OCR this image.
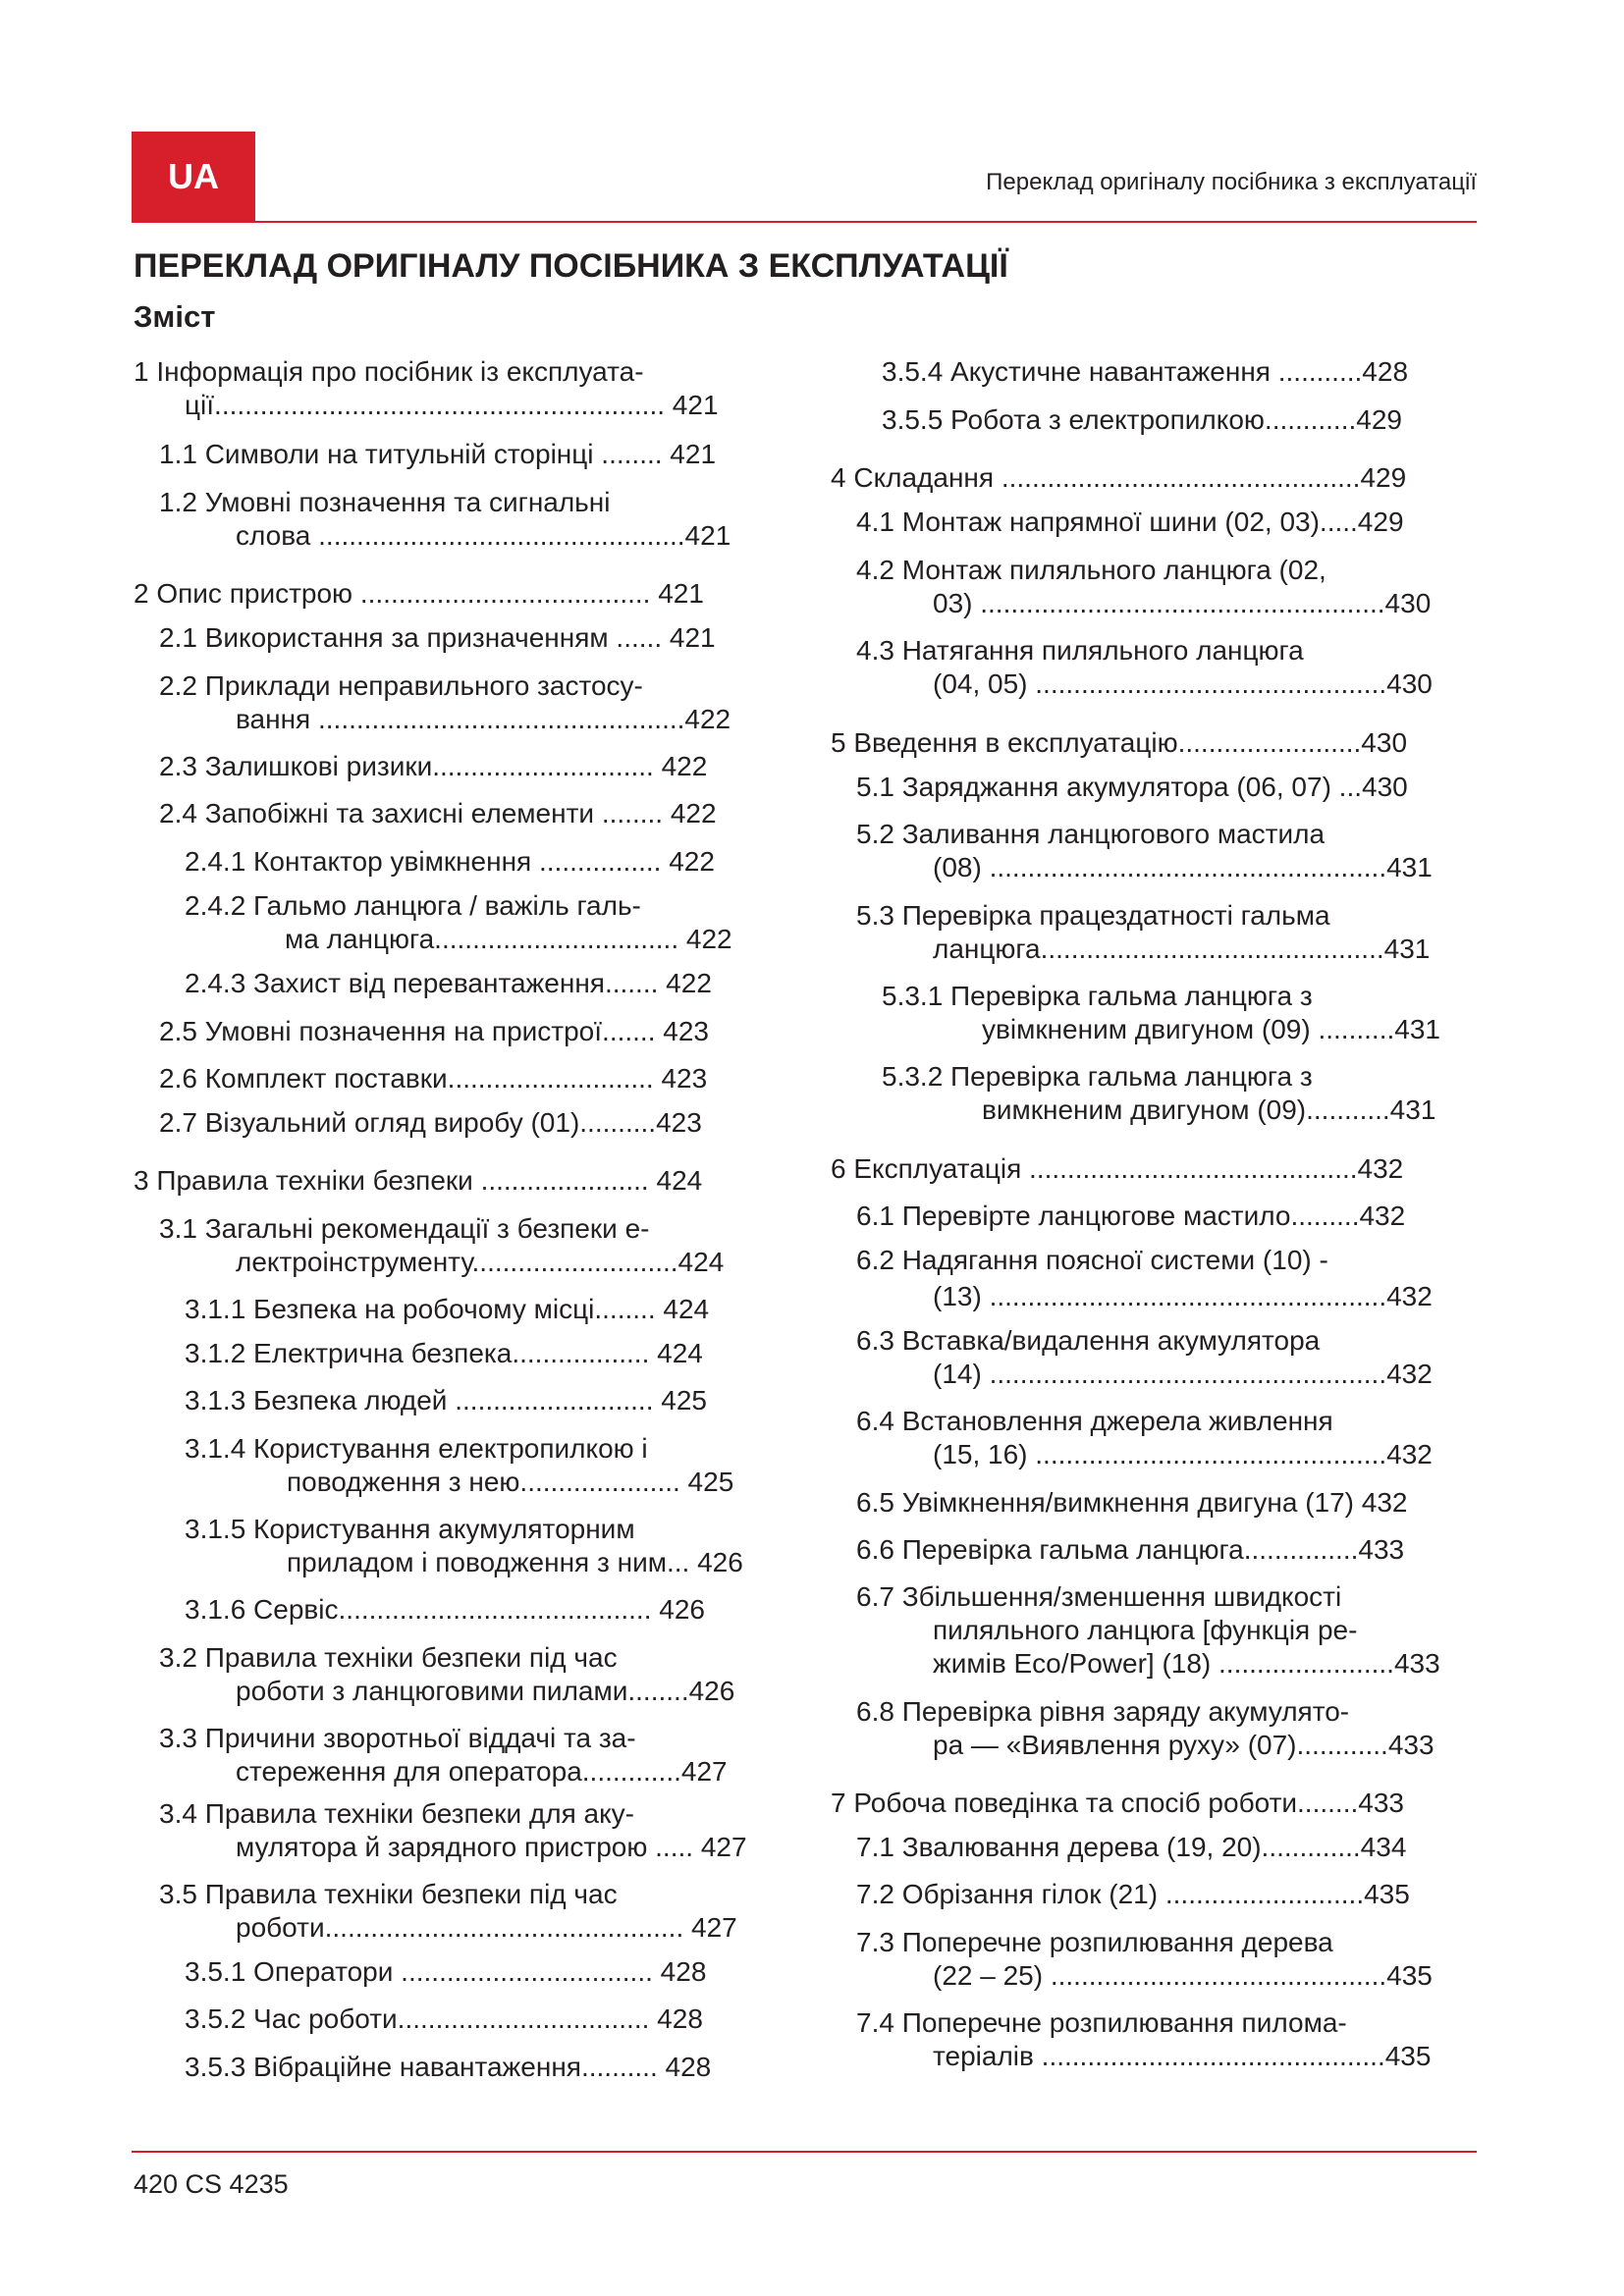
UA	Переклад оригіналу посібника з експлуатації
ПЕРЕКЛАД ОРИГІНАЛУ ПОСІБНИКА З ЕКСПЛУАТАЦІЇ
Зміст
1 Інформація про посібник із експлуата-
ції........................................................... 421
1.1 Символи на титульній сторінці ........ 421
1.2 Умовні позначення та сигнальні
слова ................................................421
2 Опис пристрою ...................................... 421
2.1 Використання за призначенням ...... 421
2.2 Приклади неправильного застосу-
вання ................................................422
2.3 Залишкові ризики............................. 422
2.4 Запобіжні та захисні елементи ........ 422
2.4.1 Контактор увімкнення ................ 422
2.4.2 Гальмо ланцюга / важіль галь-
ма ланцюга................................ 422
2.4.3 Захист від перевантаження....... 422
2.5 Умовні позначення на пристрої....... 423
2.6 Комплект поставки........................... 423
2.7 Візуальний огляд виробу (01)..........423
3 Правила техніки безпеки ...................... 424
3.1 Загальні рекомендації з безпеки е-
лектроінструменту...........................424
3.1.1 Безпека на робочому місці........ 424
3.1.2 Електрична безпека.................. 424
3.1.3 Безпека людей .......................... 425
3.1.4 Користування електропилкою і
поводження з нею..................... 425
3.1.5 Користування акумуляторним
приладом і поводження з ним... 426
3.1.6 Сервіс......................................... 426
3.2 Правила техніки безпеки під час
роботи з ланцюговими пилами........426
3.3 Причини зворотньої віддачі та за-
стереження для оператора.............427
3.4 Правила техніки безпеки для аку-
мулятора й зарядного пристрою ..... 427
3.5 Правила техніки безпеки під час
роботи............................................... 427
3.5.1 Оператори ................................. 428
3.5.2 Час роботи................................. 428
3.5.3 Вібраційне навантаження.......... 428
3.5.4 Акустичне навантаження ...........428
3.5.5 Робота з електропилкою............429
4 Складання ...............................................429
4.1 Монтаж напрямної шини (02, 03).....429
4.2 Монтаж пиляльного ланцюга (02,
03) .....................................................430
4.3 Натягання пиляльного ланцюга
(04, 05) ..............................................430
5 Введення в експлуатацію........................430
5.1 Заряджання акумулятора (06, 07) ...430
5.2 Заливання ланцюгового мастила
(08) ....................................................431
5.3 Перевірка працездатності гальма
ланцюга.............................................431
5.3.1 Перевірка гальма ланцюга з
увімкненим двигуном (09) ..........431
5.3.2 Перевірка гальма ланцюга з
вимкненим двигуном (09)...........431
6 Експлуатація ...........................................432
6.1 Перевірте ланцюгове мастило.........432
6.2 Надягання поясної системи (10) -
(13) ....................................................432
6.3 Вставка/видалення акумулятора
(14) ....................................................432
6.4 Встановлення джерела живлення
(15, 16) ..............................................432
6.5 Увімкнення/вимкнення двигуна (17) 432
6.6 Перевірка гальма ланцюга...............433
6.7 Збільшення/зменшення швидкості
пиляльного ланцюга [функція ре-
жимів Eco/Power] (18) .......................433
6.8 Перевірка рівня заряду акумулято-
ра — «Виявлення руху» (07)............433
7 Робоча поведінка та спосіб роботи........433
7.1 Звалювання дерева (19, 20).............434
7.2 Обрізання гілок (21) ..........................435
7.3 Поперечне розпилювання дерева
(22 – 25) ............................................435
7.4 Поперечне розпилювання пилома-
теріалів .............................................435
420 CS 4235
